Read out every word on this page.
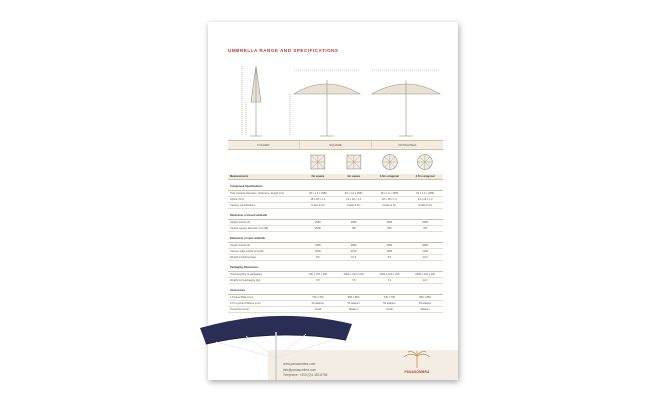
UMBRELLA RANGE AND SPECIFICATIONS
FOLDER	SQUARE	OCTAGONAL
Measurements	3m square	4m square	3.5m octagonal	4.7m octagonal

Component Specifications				
Pole (outside diameter / thickness / length mm)	48 x 1.6 x 2580	60 x 1.6 x 2580	48 x 1.6 x 2580	60 x 1.6 x 2580
Spoke (mm)	18 x 18 x 1.2	24 x 18 x 1.2	18 x 18 x 1.2	24 x 18 x 1.2
Canopy specifications	Grade & Fix	Grade & Fix	Grade & Fix	Grade & Fix

Dimension of closed umbrella				
Height overall (A)	2580	2580	2580	2580
Closed canopy diameter (mm)(B)	2500	750	550	750

Dimension of open umbrella				
Height overall (A)	2580	2580	2580	2580
Canopy edge height (mm)(B)	2050	2130	2050	2130
Weight excluding base	8.5	10.5	8.0	10.0

Packaging Dimensions				
Total length(s) of packaging	160 x 170 x 160	2000 x 220 x 220	1900 x 220 x 220	2000 x 220 x 220
Weight incl packaging (kg)	9.5	7.8	7.1	12.0

Accessories				
1.5 base Plate (mm)	700 x 700	860 x 860	700 x 700	860 x 860
2.0 In-ground Sleeve (mm)	50 adaptor	55 adaptor	50 adaptor	55 adaptor
Protective Cover	Small	Medium	Small	Medium
www.panasombra.com
info@panasombra.com
Telephone: +353 (0)1 453 8765
PANASOMBRA
